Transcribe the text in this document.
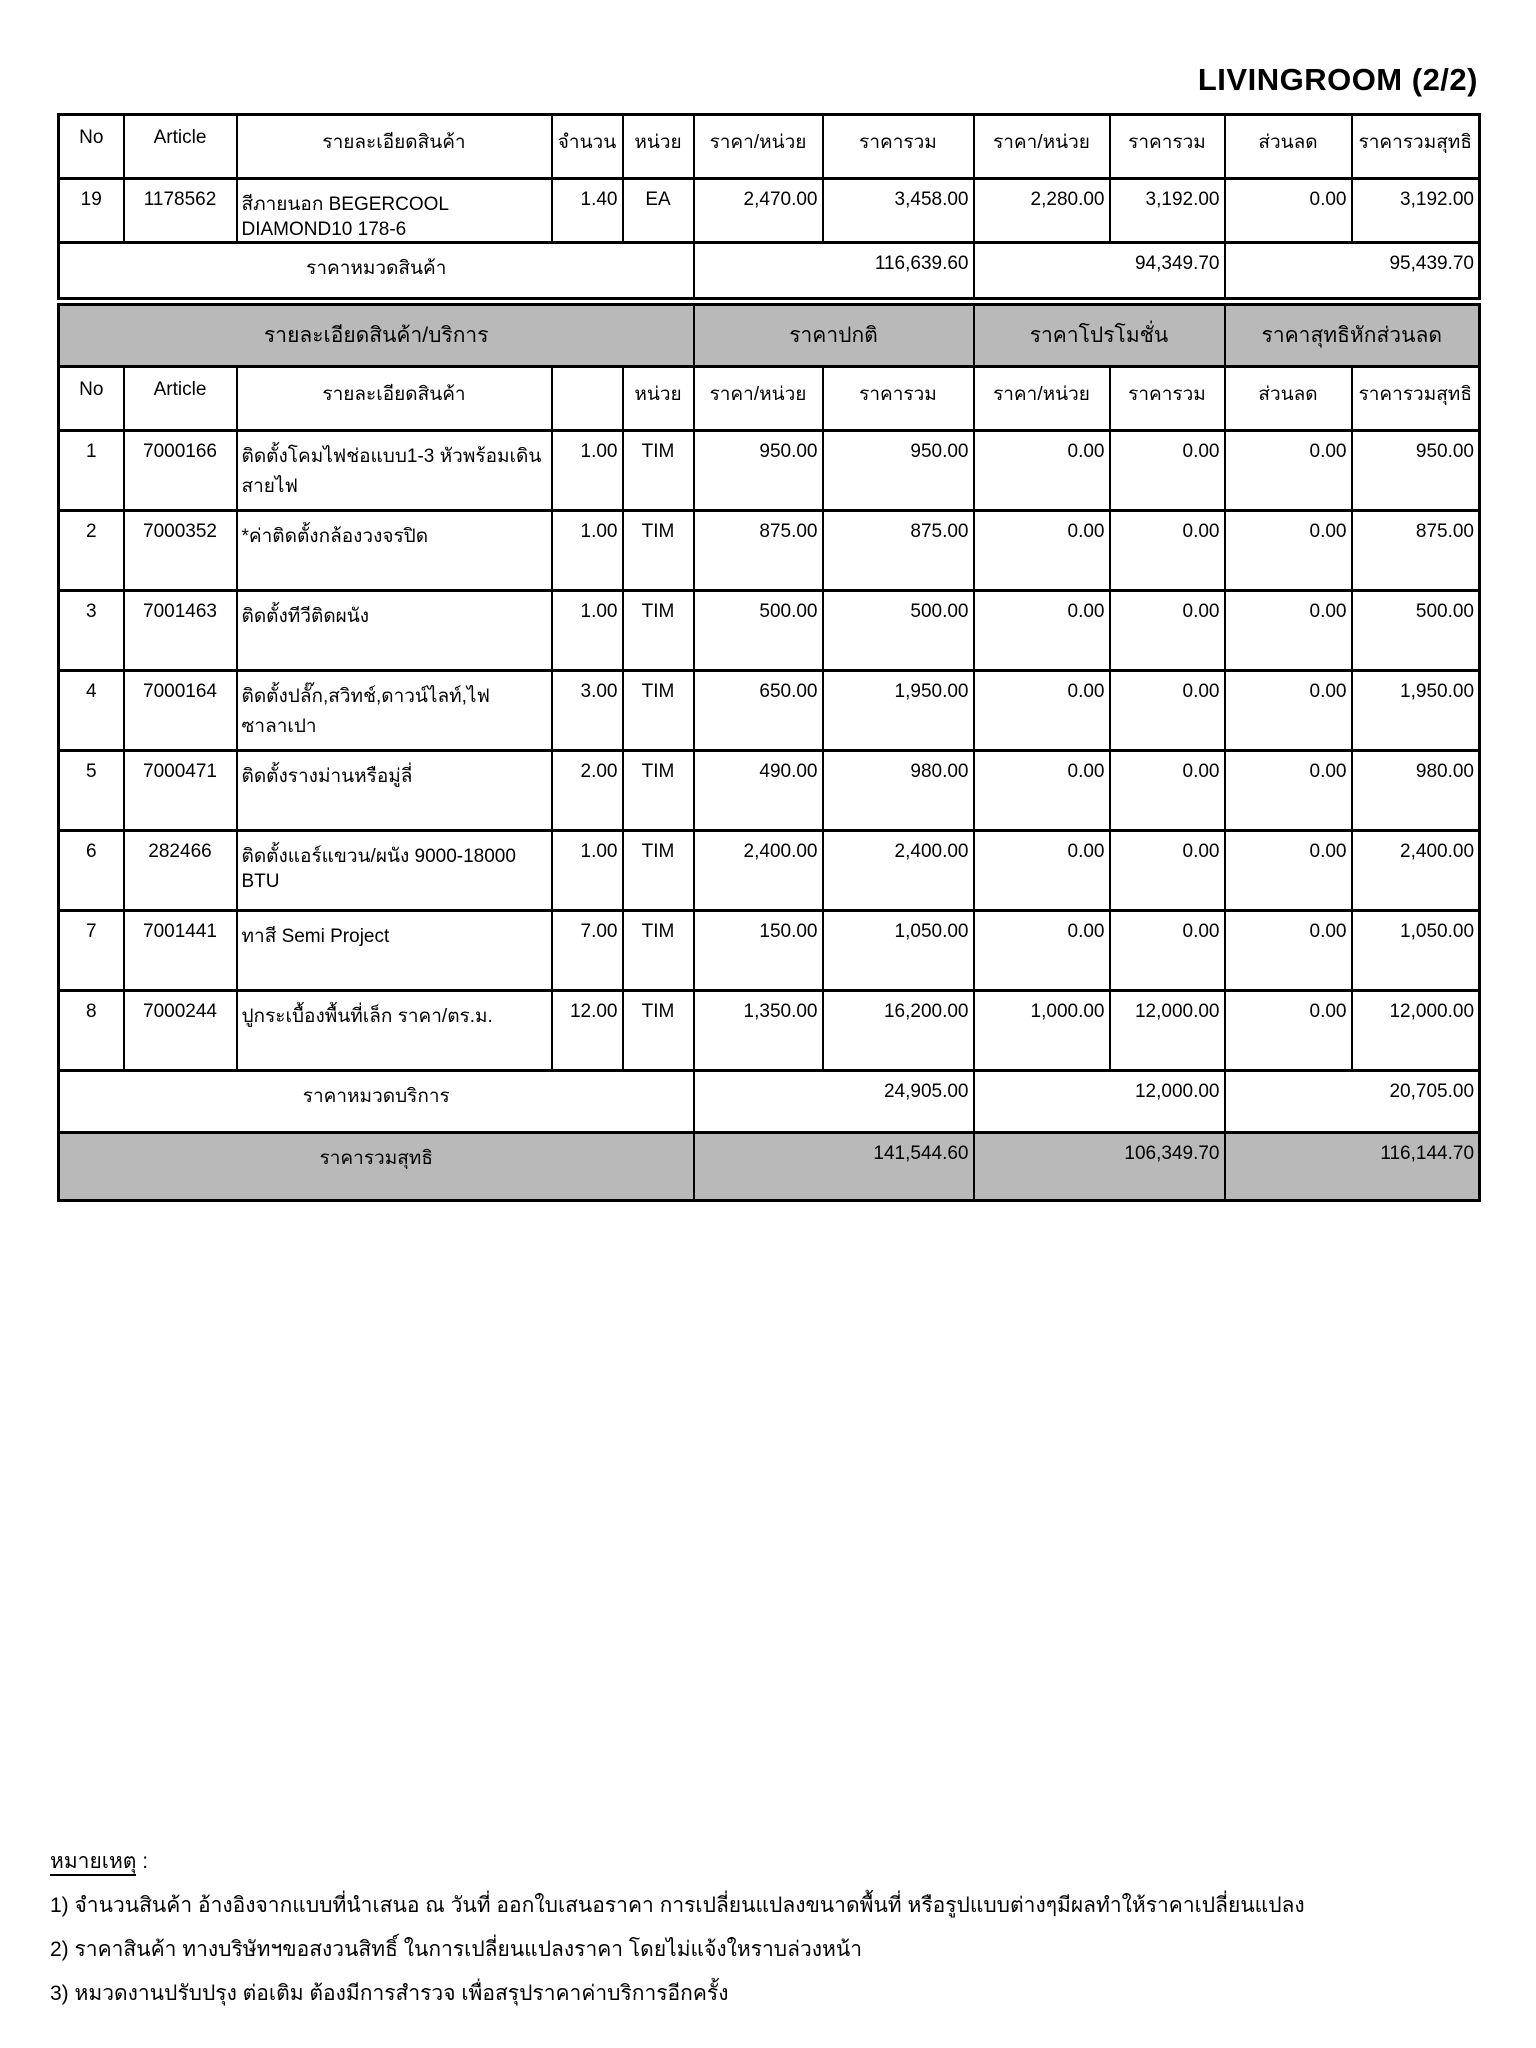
LIVINGROOM (2/2)
No	Article	รายละเอียดสินค้า	จำนวน	หน่วย	ราคา/หน่วย	ราคารวม	ราคา/หน่วย	ราคารวม	ส่วนลด	ราคารวมสุทธิ
19	1178562	สีภายนอก BEGERCOOL DIAMOND10 178-6	1.40	EA	2,470.00	3,458.00	2,280.00	3,192.00	0.00	3,192.00
ราคาหมวดสินค้า					116,639.60		94,349.70		95,439.70	
รายละเอียดสินค้า/บริการ					ราคาปกติ		ราคาโปรโมชั่น		ราคาสุทธิหักส่วนลด	
No	Article	รายละเอียดสินค้า		หน่วย	ราคา/หน่วย	ราคารวม	ราคา/หน่วย	ราคารวม	ส่วนลด	ราคารวมสุทธิ
1	7000166	ติดตั้งโคมไฟช่อแบบ1-3 หัวพร้อมเดินสายไฟ	1.00	TIM	950.00	950.00	0.00	0.00	0.00	950.00
2	7000352	*ค่าติดตั้งกล้องวงจรปิด	1.00	TIM	875.00	875.00	0.00	0.00	0.00	875.00
3	7001463	ติดตั้งทีวีติดผนัง	1.00	TIM	500.00	500.00	0.00	0.00	0.00	500.00
4	7000164	ติดตั้งปลั๊ก,สวิทช์,ดาวน์ไลท์,ไฟซาลาเปา	3.00	TIM	650.00	1,950.00	0.00	0.00	0.00	1,950.00
5	7000471	ติดตั้งรางม่านหรือมู่ลี่	2.00	TIM	490.00	980.00	0.00	0.00	0.00	980.00
6	282466	ติดตั้งแอร์แขวน/ผนัง 9000-18000 BTU	1.00	TIM	2,400.00	2,400.00	0.00	0.00	0.00	2,400.00
7	7001441	ทาสี Semi Project	7.00	TIM	150.00	1,050.00	0.00	0.00	0.00	1,050.00
8	7000244	ปูกระเบื้องพื้นที่เล็ก ราคา/ตร.ม.	12.00	TIM	1,350.00	16,200.00	1,000.00	12,000.00	0.00	12,000.00
ราคาหมวดบริการ					24,905.00		12,000.00		20,705.00	
ราคารวมสุทธิ					141,544.60		106,349.70		116,144.70	
หมายเหตุ :
1) จำนวนสินค้า อ้างอิงจากแบบที่นำเสนอ ณ วันที่ ออกใบเสนอราคา การเปลี่ยนแปลงขนาดพื้นที่ หรือรูปแบบต่างๆมีผลทำให้ราคาเปลี่ยนแปลง
2) ราคาสินค้า ทางบริษัทฯขอสงวนสิทธิ์ ในการเปลี่ยนแปลงราคา โดยไม่แจ้งใหราบล่วงหน้า
3) หมวดงานปรับปรุง ต่อเติม ต้องมีการสำรวจ เพื่อสรุปราคาค่าบริการอีกครั้ง
